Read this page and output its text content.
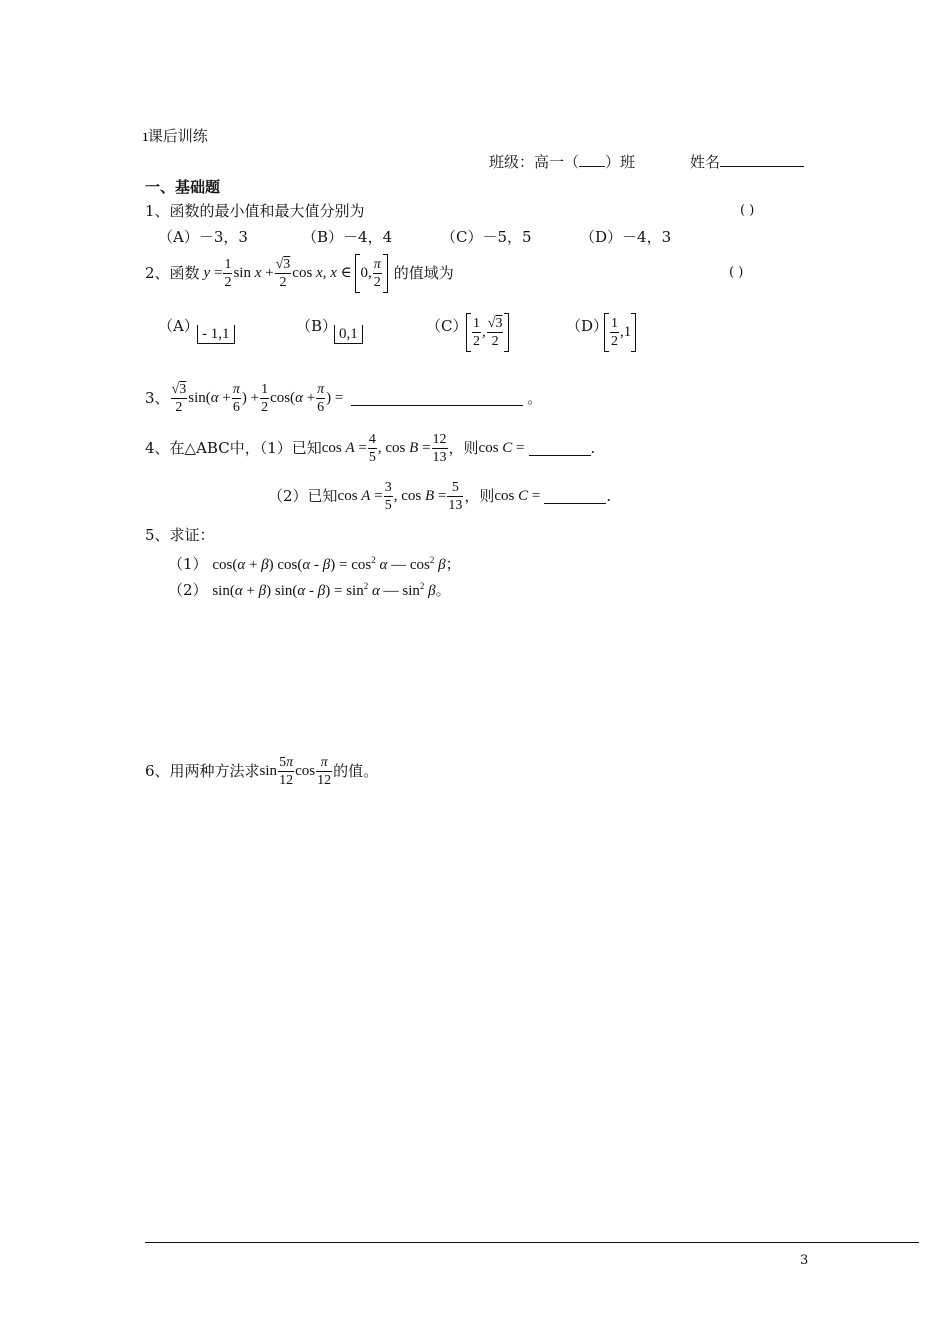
ı课后训练
班级：高一（ ）班	姓名
一、基础题
1、函数的最小值和最大值分别为	( )
（A）－3，3	（B）－4，4	（C）－5，5	（D）－4，3
2、函数 $y = \frac{1}{2}$ $\sin x + \frac{√3}{2}$ cos x, x ∈ 0, $\frac{\pi}{2}$ 的值域为	( )
（A） - 1,1	（B） 0,1	$(C) \frac{1}{2}$ , $\frac{√3}{2}$	$(D) \frac{1}{2} ,1$
3、 $\frac{√3}{2} \sin(\alpha + \frac{\pi}{6}$ ) + $\frac{1}{2} \cos(\alpha + \frac{\pi}{6}$ ) =	。
4、在△ABC中，（1）已知 $\cos A = \frac{4}{5}$ , $\cos B = \frac{12}{13}$ ，则 cos C =	.
（2）已知 $\cos A = \frac{3}{5}$ , $\cos B = \frac{5}{13}$ ，则 cos C =	.
5、求证：
（1） cos(α + β) $\cos(\alpha - \beta) = \cos^2 \alpha$ — $\cos^2 \beta$；
（2） sin(α + β) $\sin(\alpha - \beta) = \sin^2 \alpha$ — $\sin^2 \beta$。
6、用两种方法求 $\sin \frac{5\pi}{12}$ $\cos \frac{\pi}{12}$ 的值。
3
